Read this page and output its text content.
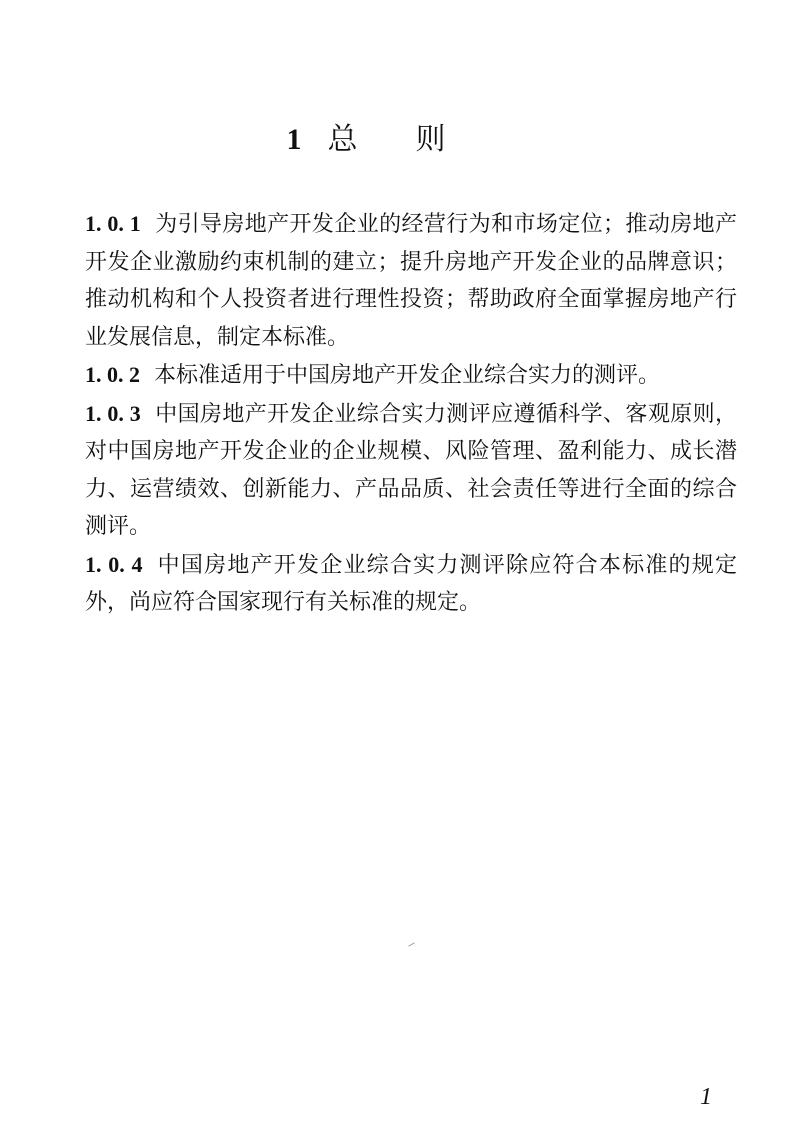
1 总则

1. 0. 1 为引导房地产开发企业的经营行为和市场定位；推动房地产开发企业激励约束机制的建立；提升房地产开发企业的品牌意识；推动机构和个人投资者进行理性投资；帮助政府全面掌握房地产行业发展信息，制定本标准。

1. 0. 2 本标准适用于中国房地产开发企业综合实力的测评。

1. 0. 3 中国房地产开发企业综合实力测评应遵循科学、客观原则，对中国房地产开发企业的企业规模、风险管理、盈利能力、成长潜力、运营绩效、创新能力、产品品质、社会责任等进行全面的综合测评。

1. 0. 4 中国房地产开发企业综合实力测评除应符合本标准的规定外，尚应符合国家现行有关标准的规定。

1
